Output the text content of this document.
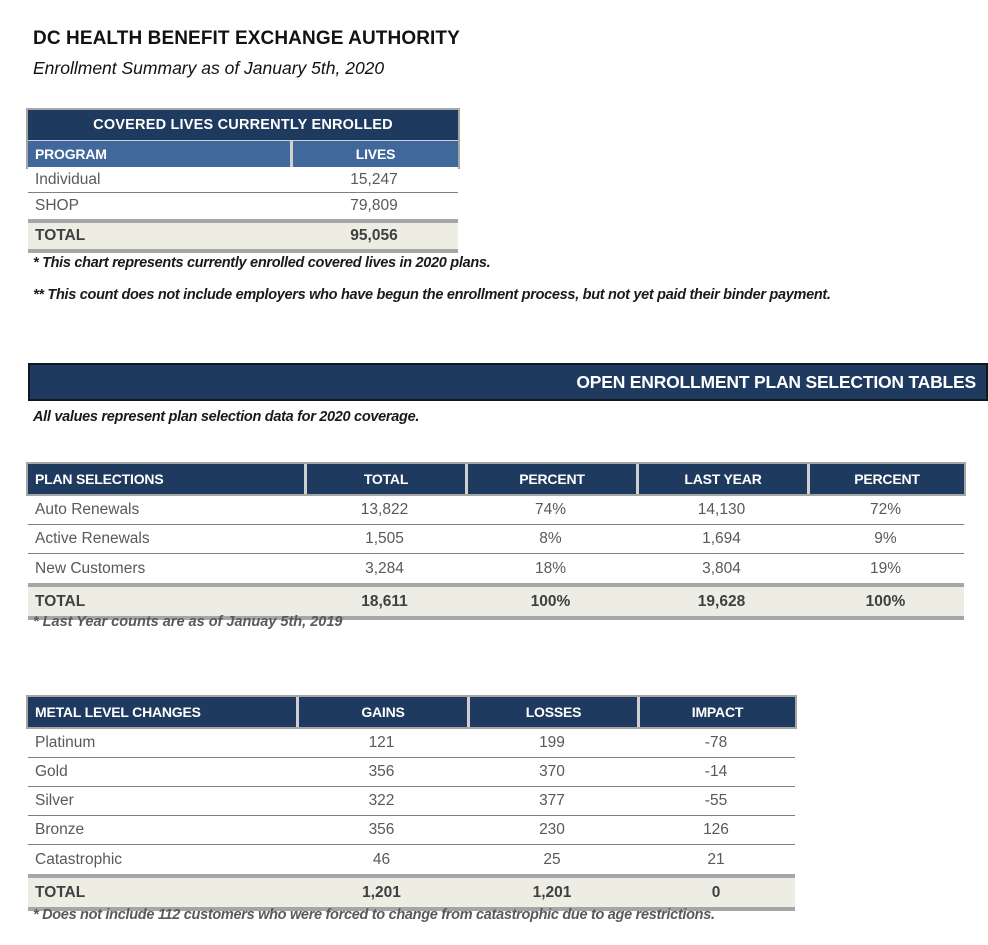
DC HEALTH BENEFIT EXCHANGE AUTHORITY
Enrollment Summary as of January 5th, 2020
COVERED LIVES CURRENTLY ENROLLED
PROGRAM	LIVES
Individual	15,247
SHOP	79,809
TOTAL	95,056
* This chart represents currently enrolled covered lives in 2020 plans.
** This count does not include employers who have begun the enrollment process, but not yet paid their binder payment.
OPEN ENROLLMENT PLAN SELECTION TABLES
All values represent plan selection data for 2020 coverage.
PLAN SELECTIONS	TOTAL	PERCENT	LAST YEAR	PERCENT
Auto Renewals	13,822	74%	14,130	72%
Active Renewals	1,505	8%	1,694	9%
New Customers	3,284	18%	3,804	19%
TOTAL	18,611	100%	19,628	100%
* Last Year counts are as of Januay 5th, 2019
METAL LEVEL CHANGES	GAINS	LOSSES	IMPACT
Platinum	121	199	-78
Gold	356	370	-14
Silver	322	377	-55
Bronze	356	230	126
Catastrophic	46	25	21
TOTAL	1,201	1,201	0
* Does not include 112 customers who were forced to change from catastrophic due to age restrictions.
